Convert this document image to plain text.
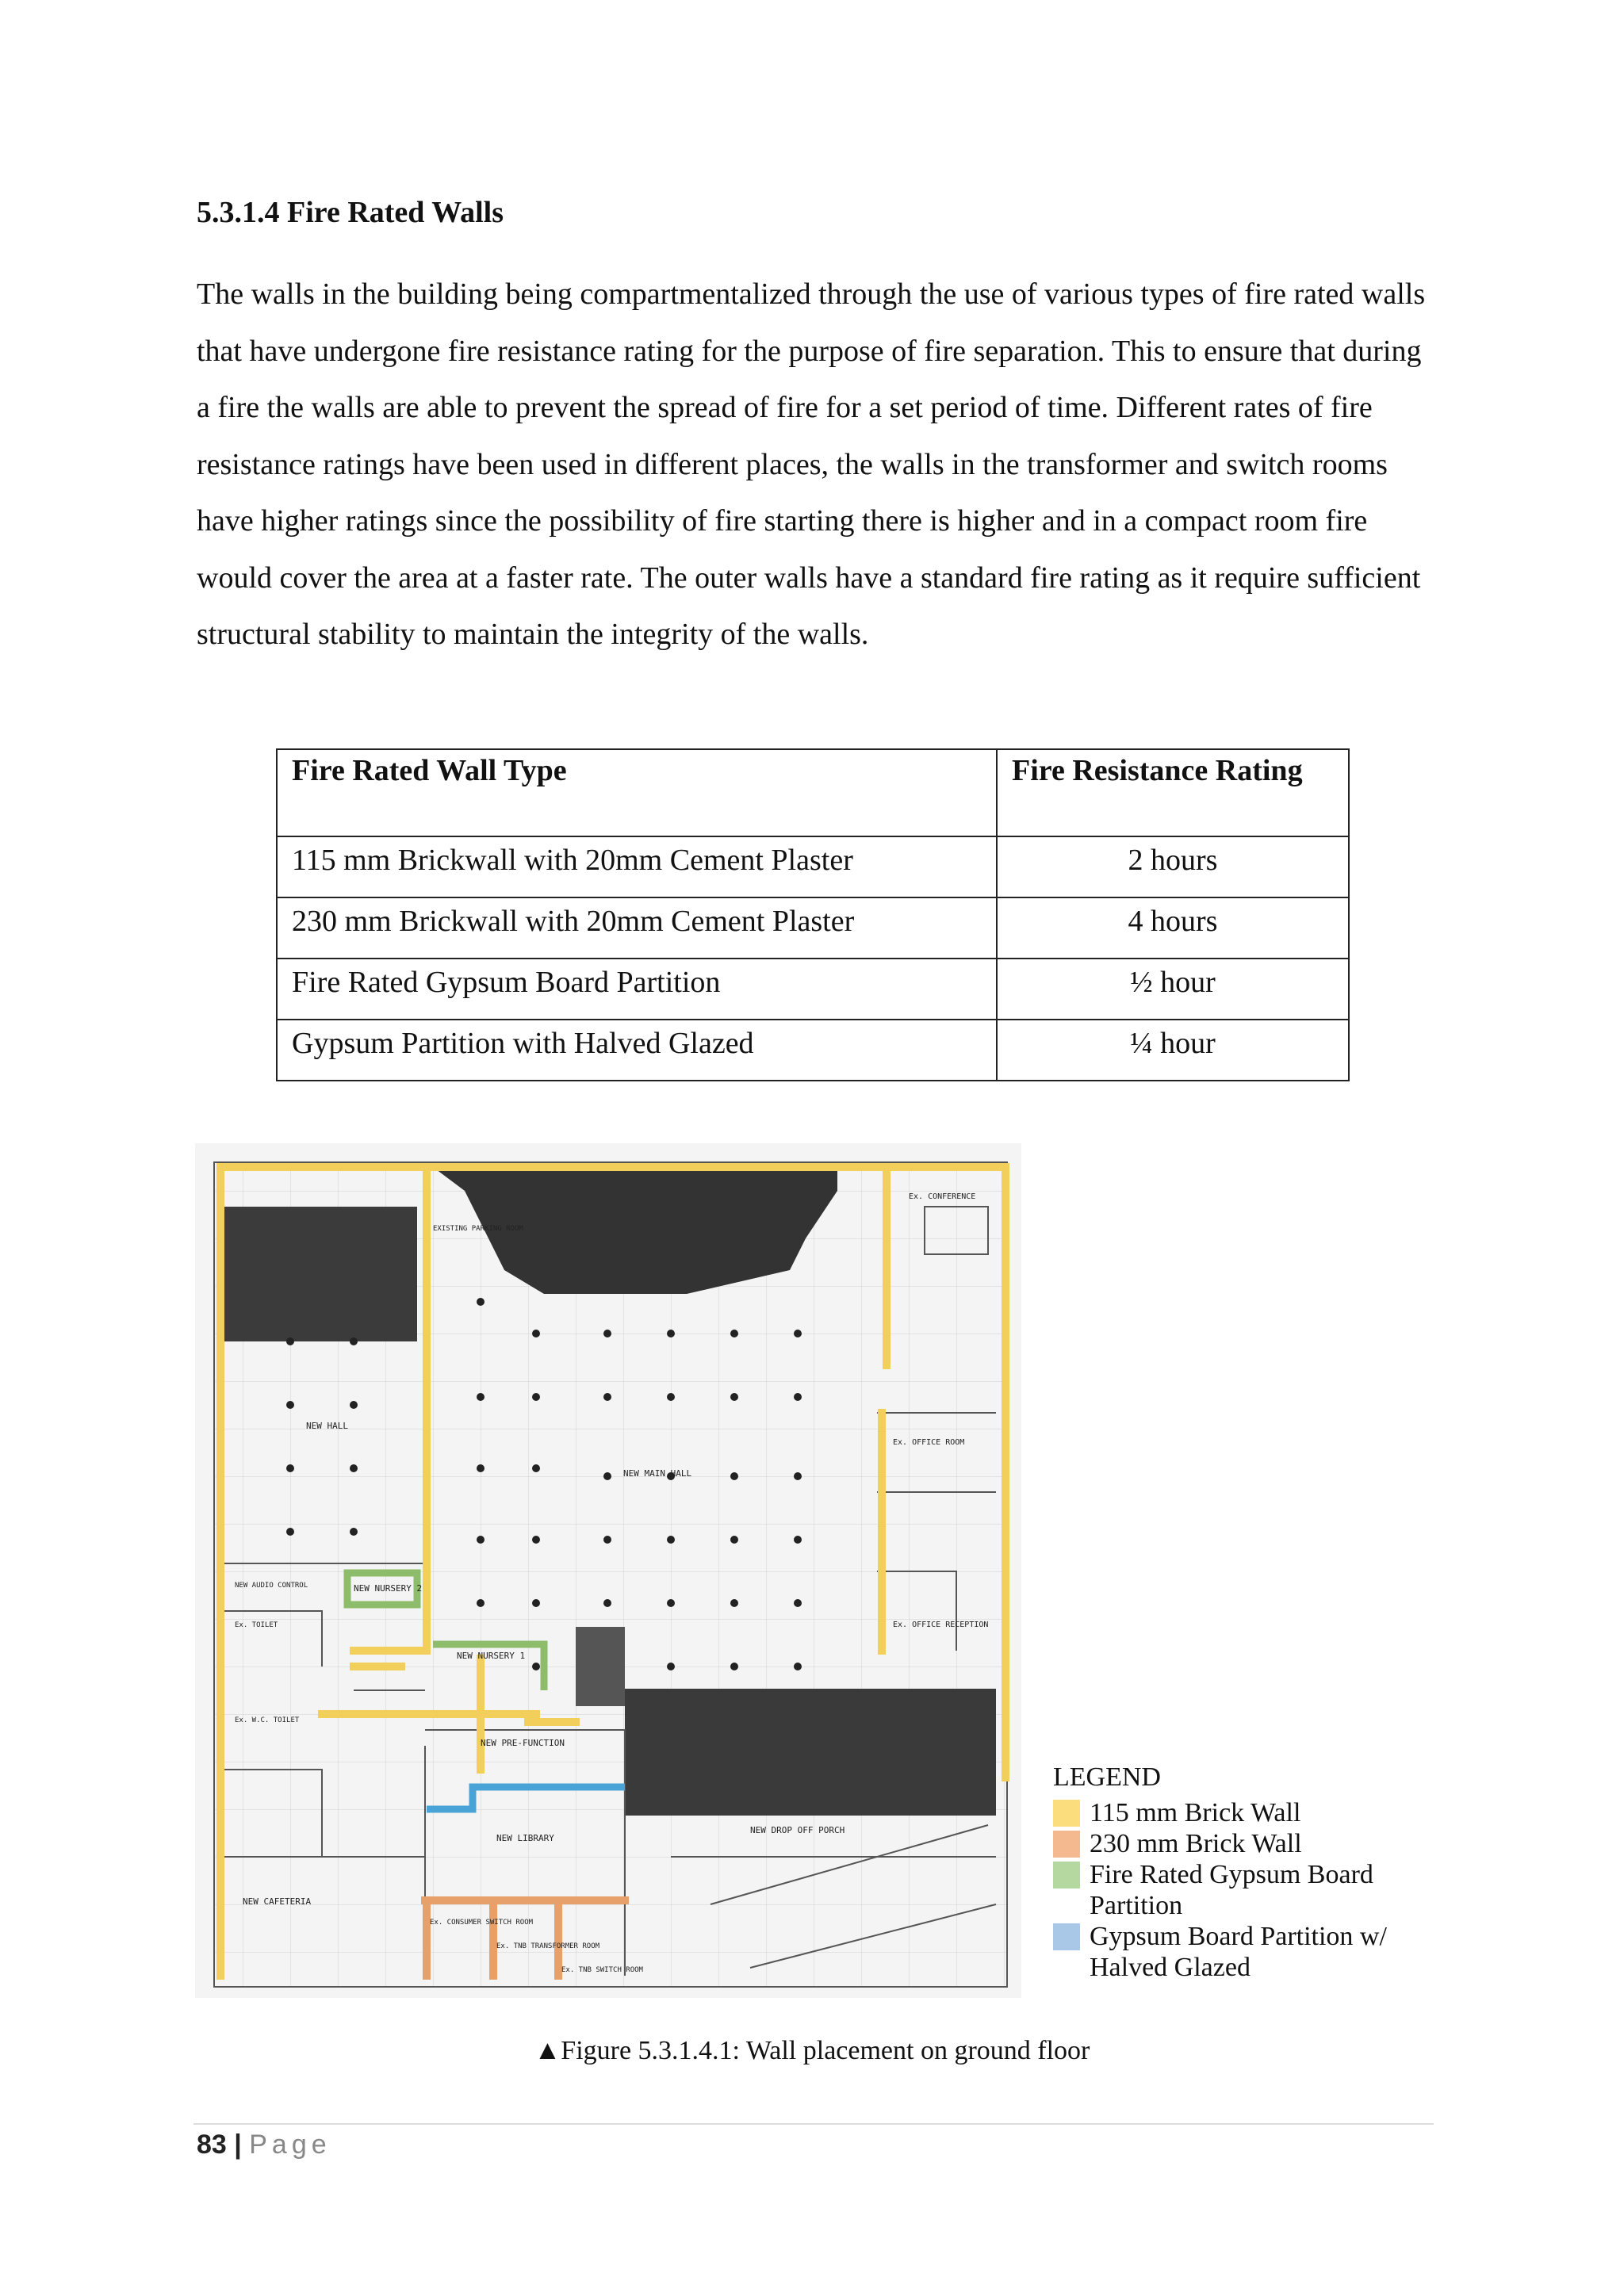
5.3.1.4 Fire Rated Walls

The walls in the building being compartmentalized through the use of various types of fire rated walls that have undergone fire resistance rating for the purpose of fire separation. This to ensure that during a fire the walls are able to prevent the spread of fire for a set period of time. Different rates of fire resistance ratings have been used in different places, the walls in the transformer and switch rooms have higher ratings since the possibility of fire starting there is higher and in a compact room fire would cover the area at a faster rate. The outer walls have a standard fire rating as it require sufficient structural stability to maintain the integrity of the walls.

Fire Rated Wall Type	Fire Resistance Rating
115 mm Brickwall with 20mm Cement Plaster	2 hours
230 mm Brickwall with 20mm Cement Plaster	4 hours
Fire Rated Gypsum Board Partition	½ hour
Gypsum Partition with Halved Glazed	¼ hour
NEW MAIN HALL
NEW HALL
NEW NURSERY 1
NEW NURSERY 2
NEW PRE-FUNCTION
NEW LIBRARY
NEW CAFETERIA
Ex. CONSUMER SWITCH ROOM
Ex. TNB TRANSFORMER ROOM
Ex. TNB SWITCH ROOM
NEW DROP OFF PORCH
Ex. OFFICE RECEPTION
Ex. OFFICE ROOM
Ex. CONFERENCE
EXISTING PARKING ROOM
NEW AUDIO CONTROL
Ex. TOILET
Ex. W.C. TOILET
LEGEND
115 mm Brick Wall
230 mm Brick Wall
Fire Rated Gypsum Board Partition
Gypsum Board Partition w/ Halved Glazed
▲Figure 5.3.1.4.1: Wall placement on ground floor
83 | Page
